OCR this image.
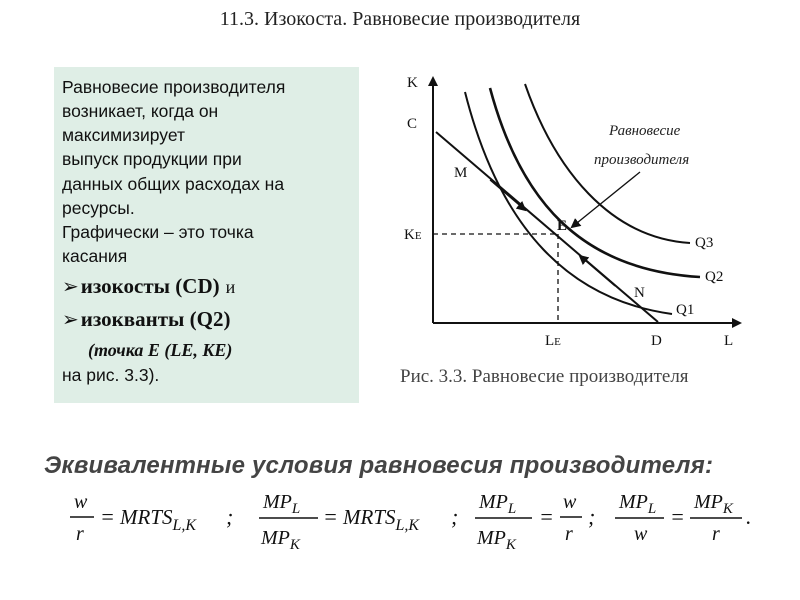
11.3. Изокоста. Равновесие производителя
Равновесие производителя
возникает, когда он
максимизирует
выпуск продукции при
данных общих расходах на
ресурсы.
Графически – это точка
касания
➢ изокосты (CD) и
➢ изокванты (Q2)
(точка E (LE, KE)
на рис. 3.3).
K
L
C
M
E
N
D
KE
LE
Q1
Q2
Q3
Равновесие
производителя
Рис. 3.3. Равновесие производителя
Эквивалентные условия равновесия производителя:
w
r
= $MRTS_{L,K}$ ;
$MP_L$
$MP_K$
= $MRTS_{L,K}$ ;
$MP_L$
$MP_K$
=
w
r
;
$MP_L$
w
=
$MP_K$
r
.
